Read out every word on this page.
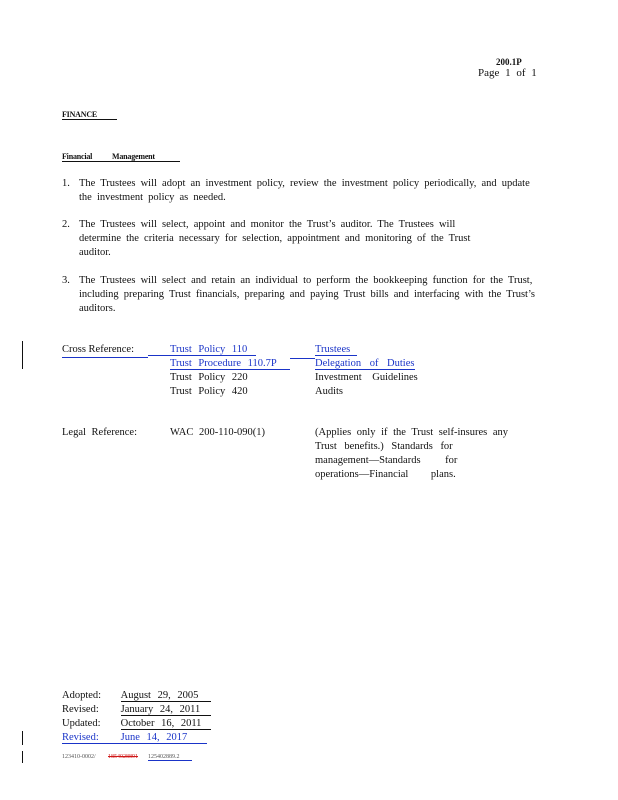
200.1P
Page 1 of 1
FINANCE
Financial Management
1. The Trustees will adopt an investment policy, review the investment policy periodically, and update the investment policy as needed.
2. The Trustees will select, appoint and monitor the Trust’s auditor. The Trustees will determine the criteria necessary for selection, appointment and monitoring of the Trust auditor.
3. The Trustees will select and retain an individual to perform the bookkeeping function for the Trust, including preparing Trust financials, preparing and paying Trust bills and interfacing with the Trust’s auditors.
Cross Reference:	Trust Policy 110	Trustees
Trust Procedure 110.7P	Delegation of Duties
Trust Policy 220	Investment Guidelines
Trust Policy 420	Audits
Legal Reference:	WAC 200-110-090(1)	(Applies only if the Trust self-insures any
Trust benefits.) Standards for
management—Standards for
operations—Financial plans.
Adopted: August 29, 2005
Revised: January 24, 2011
Updated: October 16, 2011
Revised: June 14, 2017
123410-0002/ 1854028891 125402889.2
